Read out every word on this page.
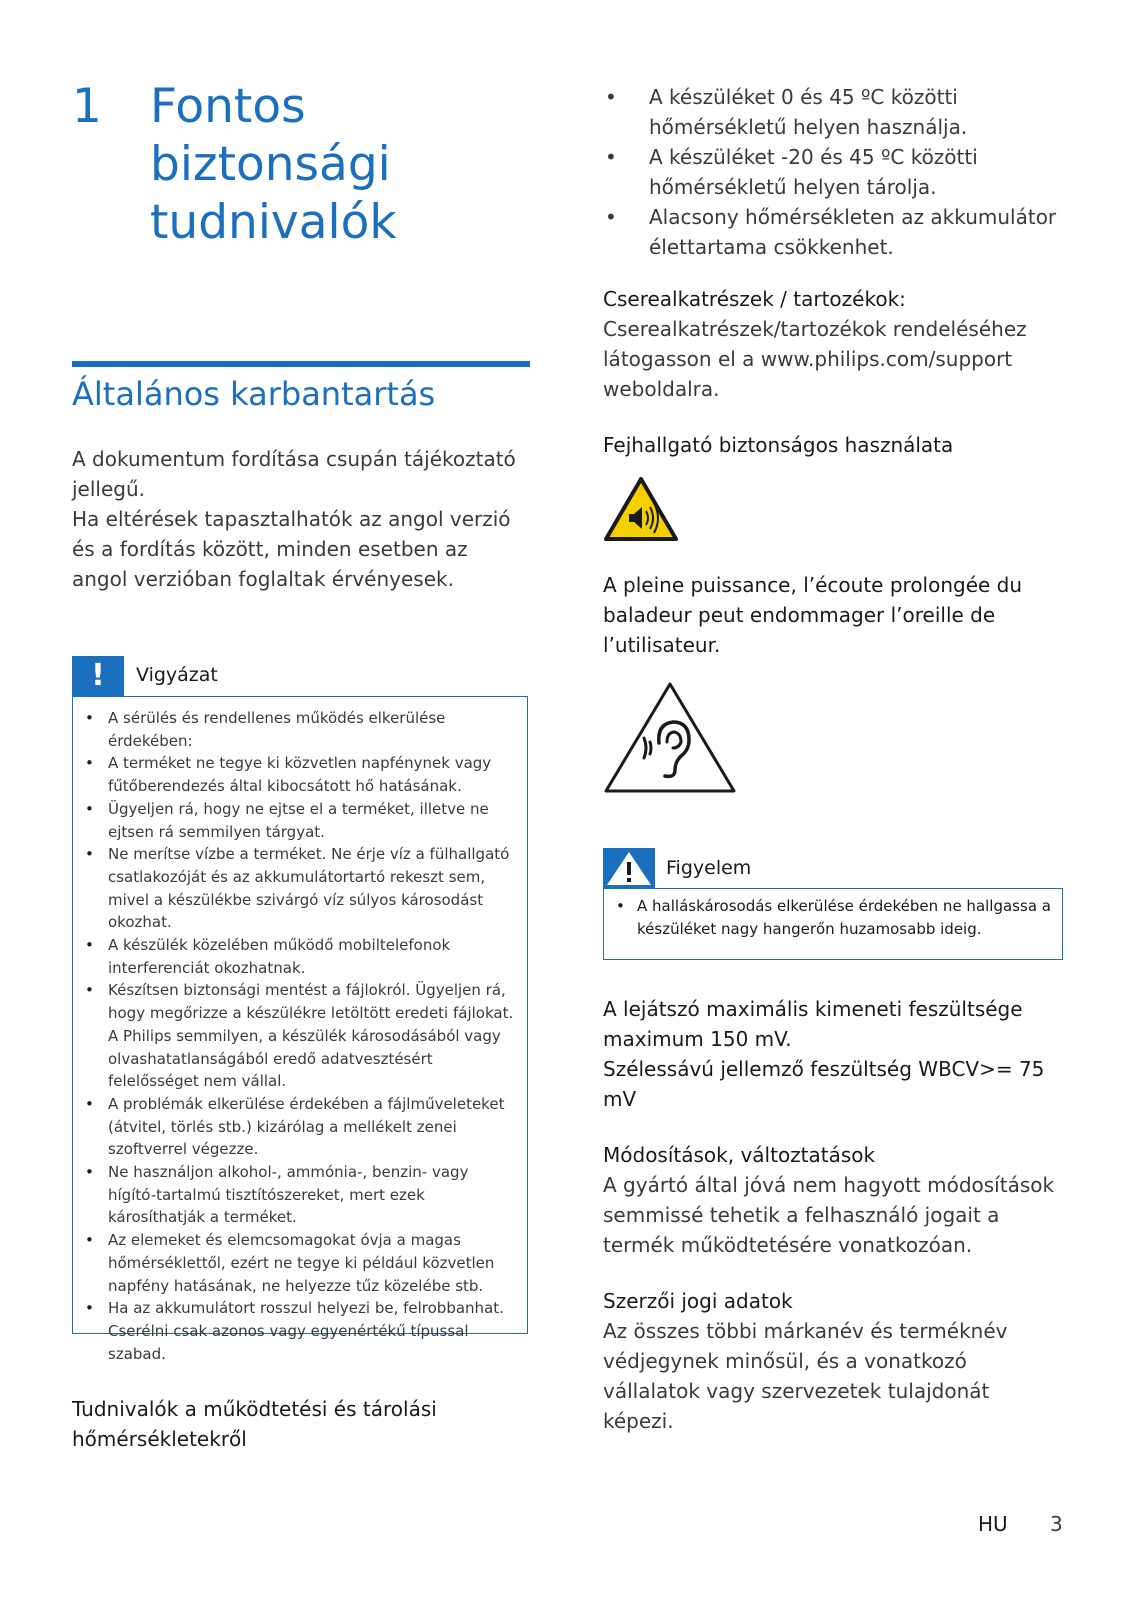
1	Fontos biztonsági tudnivalók
Általános karbantartás
A dokumentum fordítása csupán tájékoztató jellegű.
Ha eltérések tapasztalhatók az angol verzió és a fordítás között, minden esetben az angol verzióban foglaltak érvényesek.
!	Vigyázat
• A sérülés és rendellenes működés elkerülése érdekében:
• A terméket ne tegye ki közvetlen napfénynek vagy fűtőberendezés által kibocsátott hő hatásának.
• Ügyeljen rá, hogy ne ejtse el a terméket, illetve ne ejtsen rá semmilyen tárgyat.
• Ne merítse vízbe a terméket. Ne érje víz a fülhallgató csatlakozóját és az akkumulátortartó rekeszt sem, mivel a készülékbe szivárgó víz súlyos károsodást okozhat.
• A készülék közelében működő mobiltelefonok interferenciát okozhatnak.
• Készítsen biztonsági mentést a fájlokról. Ügyeljen rá, hogy megőrizze a készülékre letöltött eredeti fájlokat. A Philips semmilyen, a készülék károsodásából vagy olvashatatlanságából eredő adatvesztésért felelősséget nem vállal.
• A problémák elkerülése érdekében a fájlműveleteket (átvitel, törlés stb.) kizárólag a mellékelt zenei szoftverrel végezze.
• Ne használjon alkohol-, ammónia-, benzin- vagy hígító-tartalmú tisztítószereket, mert ezek károsíthatják a terméket.
• Az elemeket és elemcsomagokat óvja a magas hőmérséklettől, ezért ne tegye ki például közvetlen napfény hatásának, ne helyezze tűz közelébe stb.
• Ha az akkumulátort rosszul helyezi be, felrobbanhat. Cserélni csak azonos vagy egyenértékű típussal szabad.
Tudnivalók a működtetési és tárolási hőmérsékletekről
• A készüléket 0 és 45 ºC közötti hőmérsékletű helyen használja.
• A készüléket -20 és 45 ºC közötti hőmérsékletű helyen tárolja.
• Alacsony hőmérsékleten az akkumulátor élettartama csökkenhet.
Cserealkatrészek / tartozékok:
Cserealkatrészek/tartozékok rendeléséhez látogasson el a www.philips.com/support weboldalra.
Fejhallgató biztonságos használata
A pleine puissance, l’écoute prolongée du baladeur peut endommager l’oreille de l’utilisateur.
Figyelem
• A halláskárosodás elkerülése érdekében ne hallgassa a készüléket nagy hangerőn huzamosabb ideig.
A lejátszó maximális kimeneti feszültsége maximum 150 mV.
Szélessávú jellemző feszültség WBCV>= 75 mV
Módosítások, változtatások
A gyártó által jóvá nem hagyott módosítások semmissé tehetik a felhasználó jogait a termék működtetésére vonatkozóan.
Szerzői jogi adatok
Az összes többi márkanév és terméknév védjegynek minősül, és a vonatkozó vállalatok vagy szervezetek tulajdonát képezi.
HU 3
